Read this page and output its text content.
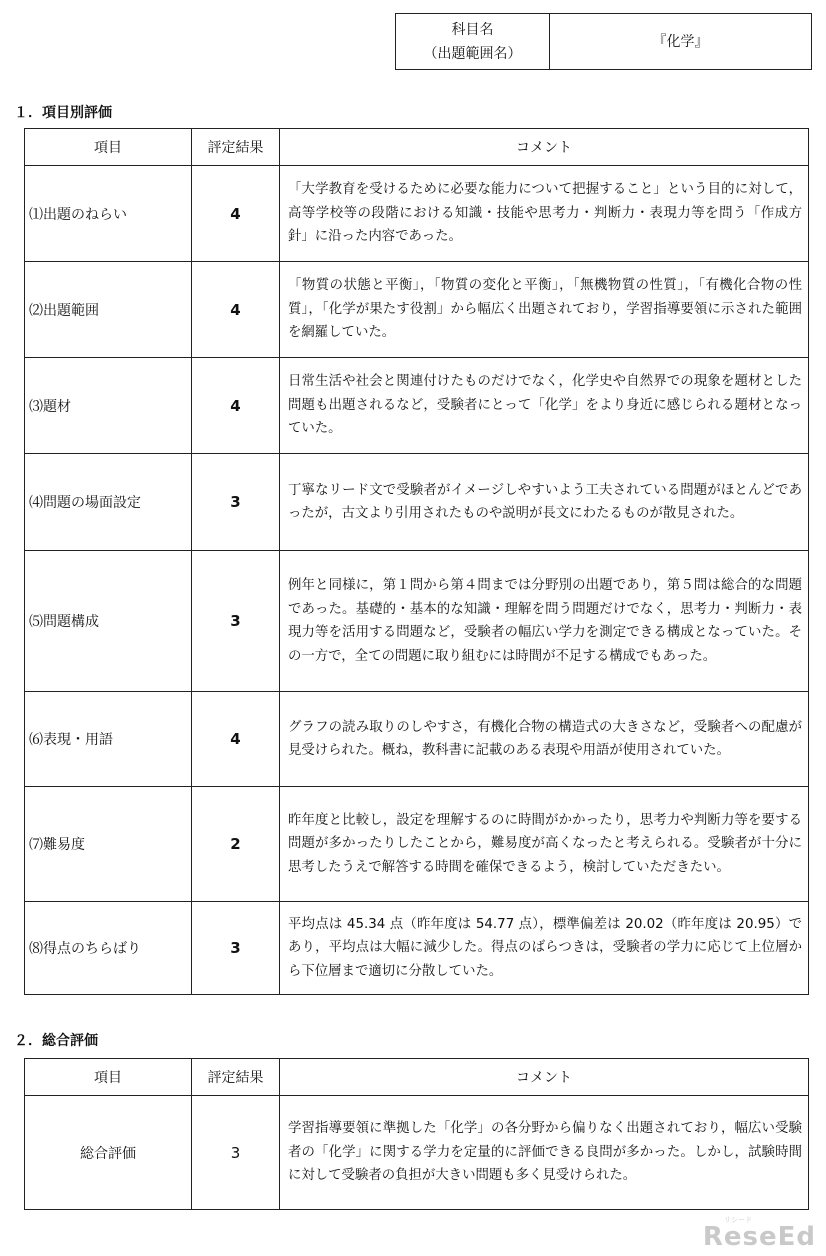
科目名
（出題範囲名）
	『化学』
１．項目別評価
項目	評定結果	コメント
⑴出題のねらい	4	「大学教育を受けるために必要な能力について把握すること」という目的に対して，高等学校等の段階における知識・技能や思考力・判断力・表現力等を問う「作成方針」に沿った内容であった。
⑵出題範囲	4	「物質の状態と平衡」，「物質の変化と平衡」，「無機物質の性質」，「有機化合物の性質」，「化学が果たす役割」から幅広く出題されており，学習指導要領に示された範囲を網羅していた。
⑶題材	4	日常生活や社会と関連付けたものだけでなく，化学史や自然界での現象を題材とした問題も出題されるなど，受験者にとって「化学」をより身近に感じられる題材となっていた。
⑷問題の場面設定	3	丁寧なリード文で受験者がイメージしやすいよう工夫されている問題がほとんどであったが，古文より引用されたものや説明が長文にわたるものが散見された。
⑸問題構成	3	例年と同様に，第１問から第４問までは分野別の出題であり，第５問は総合的な問題であった。基礎的・基本的な知識・理解を問う問題だけでなく，思考力・判断力・表現力等を活用する問題など，受験者の幅広い学力を測定できる構成となっていた。その一方で，全ての問題に取り組むには時間が不足する構成でもあった。
⑹表現・用語	4	グラフの読み取りのしやすさ，有機化合物の構造式の大きさなど，受験者への配慮が見受けられた。概ね，教科書に記載のある表現や用語が使用されていた。
⑺難易度	2	昨年度と比較し，設定を理解するのに時間がかかったり，思考力や判断力等を要する問題が多かったりしたことから，難易度が高くなったと考えられる。受験者が十分に思考したうえで解答する時間を確保できるよう，検討していただきたい。
⑻得点のちらばり	3	平均点は 45.34 点（昨年度は 54.77 点），標準偏差は 20.02（昨年度は 20.95）であり，平均点は大幅に減少した。得点のばらつきは，受験者の学力に応じて上位層から下位層まで適切に分散していた。
２．総合評価
項目	評定結果	コメント
総合評価	3	学習指導要領に準拠した「化学」の各分野から偏りなく出題されており，幅広い受験者の「化学」に関する学力を定量的に評価できる良問が多かった。しかし，試験時間に対して受験者の負担が大きい問題も多く見受けられた。
リシード
ReseEd
